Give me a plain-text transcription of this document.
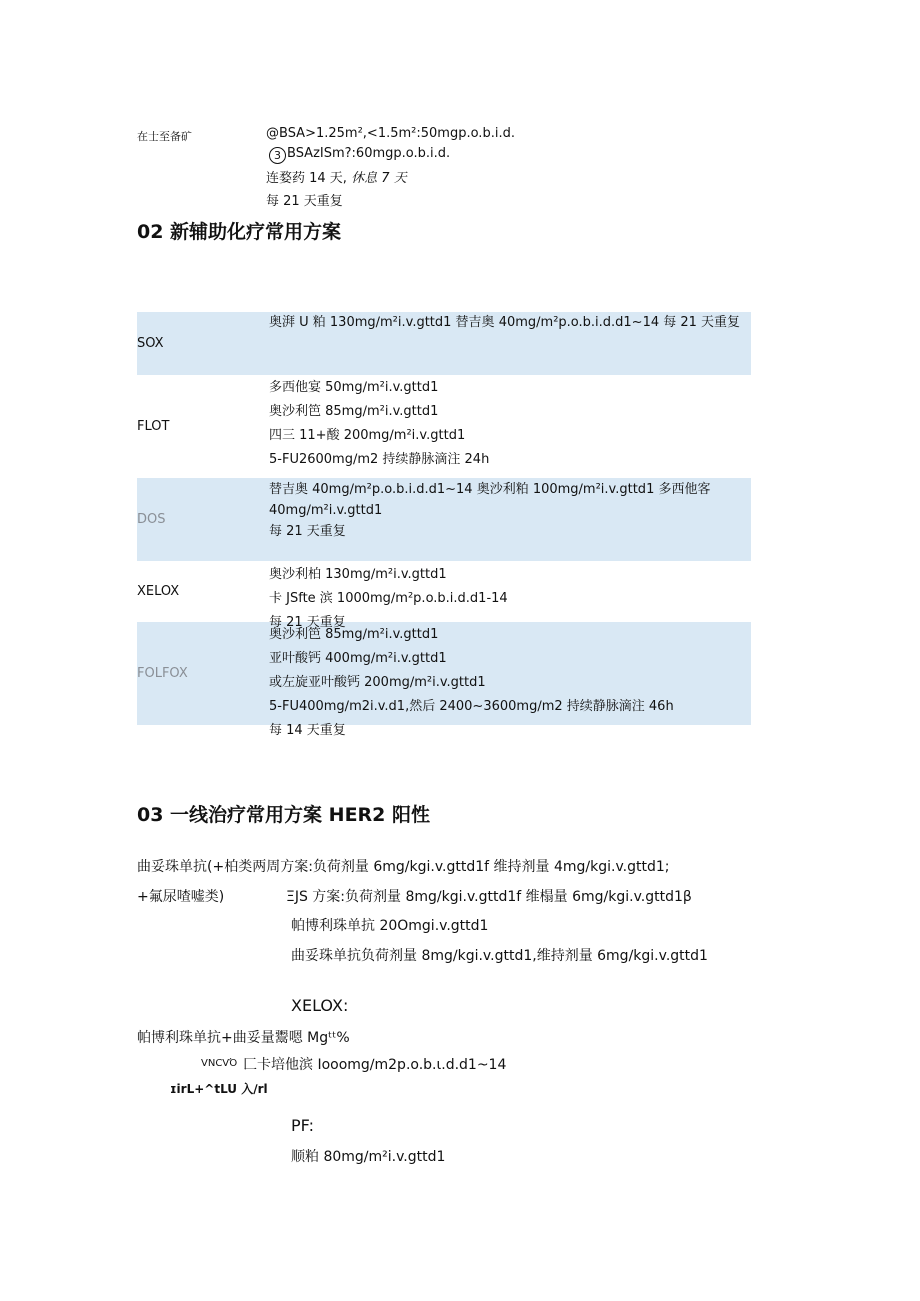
在士至备矿	@BSA>1.25m²,<1.5m²:50mgp.o.b.i.d.
3 BSAzISm?:60mgp.o.b.i.d.
连婺药 14 天, 休息 7 天
每 21 天重复
02 新辅助化疗常用方案
SOX
奥湃 U 粕 130mg∕m²i.v.gttd1 替吉奥 40mg∕m²p.o.b.i.d.d1~14 每 21 天重复
FLOT
多西他宴 50mg∕m²i.v.gttd1
奥沙利笆 85mg∕m²i.v.gttd1
四三 11+酸 200mg∕m²i.v.gttd1
5-FU2600mg∕m2 持续静脉滴注 24h
DOS
替吉奥 40mg∕m²p.o.b.i.d.d1~14 奥沙利粕 100mg∕m²i.v.gttd1 多西他客
40mg∕m²i.v.gttd1
每 21 天重复
XELOX
奥沙利柏 130mg∕m²i.v.gttd1
卡 JSfte 滨 1000mg∕m²p.o.b.i.d.d1-14
每 21 天重复
FOLFOX
奥沙利笆 85mg∕m²i.v.gttd1
亚叶酸钙 400mg∕m²i.v.gttd1
或左旋亚叶酸钙 200mg∕m²i.v.gttd1
5-FU400mg∕m2i.v.d1,然后 2400~3600mg∕m2 持续静脉滴注 46h
每 14 天重复
03 一线治疗常用方案 HER2 阳性
曲妥珠单抗(+柏类两周方案:负荷剂量 6mg∕kgi.v.gttd1f 维持剂量 4mg∕kgi.v.gttd1;
+氟尿喳嘘类)	ΞJS 方案:负荷剂量 8mg∕kgi.v.gttd1f 维榻量 6mg∕kgi.v.gttd1β
帕博利珠单抗 20Omgi.v.gttd1
曲妥珠单抗负荷剂量 8mg∕kgi.v.gttd1,维持剂量 6mg∕kgi.v.gttd1
XELOX:
帕博利珠单抗+曲妥量鬻嗯 Mgᵗᵗ%
VNCVΌ 匚卡培他滨 Iooomg∕m2p.o.b.ι.d.d1~14
ɪirL+^tLU 入∕rl
PF:
顺粕 80mg∕m²i.v.gttd1
